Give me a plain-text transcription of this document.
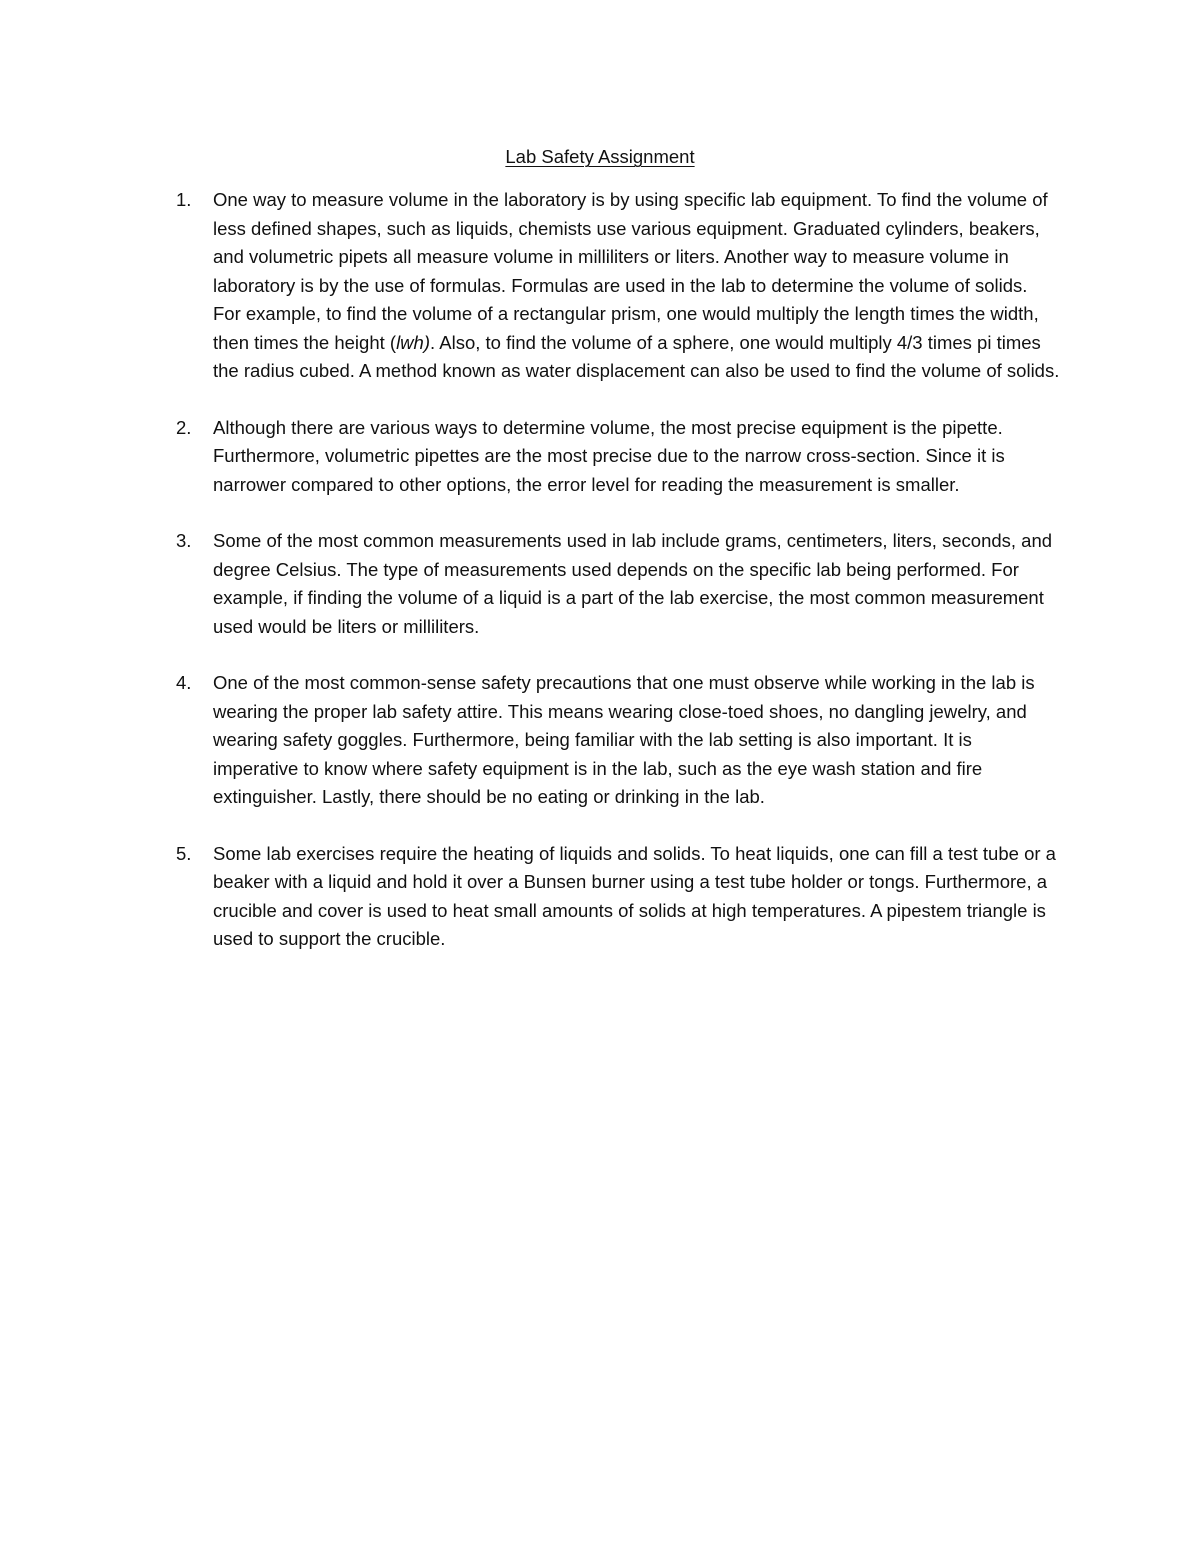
Lab Safety Assignment
1. One way to measure volume in the laboratory is by using specific lab equipment. To find the volume of less defined shapes, such as liquids, chemists use various equipment. Graduated cylinders, beakers, and volumetric pipets all measure volume in milliliters or liters. Another way to measure volume in laboratory is by the use of formulas. Formulas are used in the lab to determine the volume of solids. For example, to find the volume of a rectangular prism, one would multiply the length times the width, then times the height (lwh). Also, to find the volume of a sphere, one would multiply 4/3 times pi times the radius cubed. A method known as water displacement can also be used to find the volume of solids.
2. Although there are various ways to determine volume, the most precise equipment is the pipette. Furthermore, volumetric pipettes are the most precise due to the narrow cross-section. Since it is narrower compared to other options, the error level for reading the measurement is smaller.
3. Some of the most common measurements used in lab include grams, centimeters, liters, seconds, and degree Celsius. The type of measurements used depends on the specific lab being performed. For example, if finding the volume of a liquid is a part of the lab exercise, the most common measurement used would be liters or milliliters.
4. One of the most common-sense safety precautions that one must observe while working in the lab is wearing the proper lab safety attire. This means wearing close-toed shoes, no dangling jewelry, and wearing safety goggles. Furthermore, being familiar with the lab setting is also important. It is imperative to know where safety equipment is in the lab, such as the eye wash station and fire extinguisher. Lastly, there should be no eating or drinking in the lab.
5. Some lab exercises require the heating of liquids and solids. To heat liquids, one can fill a test tube or a beaker with a liquid and hold it over a Bunsen burner using a test tube holder or tongs. Furthermore, a crucible and cover is used to heat small amounts of solids at high temperatures. A pipestem triangle is used to support the crucible.
